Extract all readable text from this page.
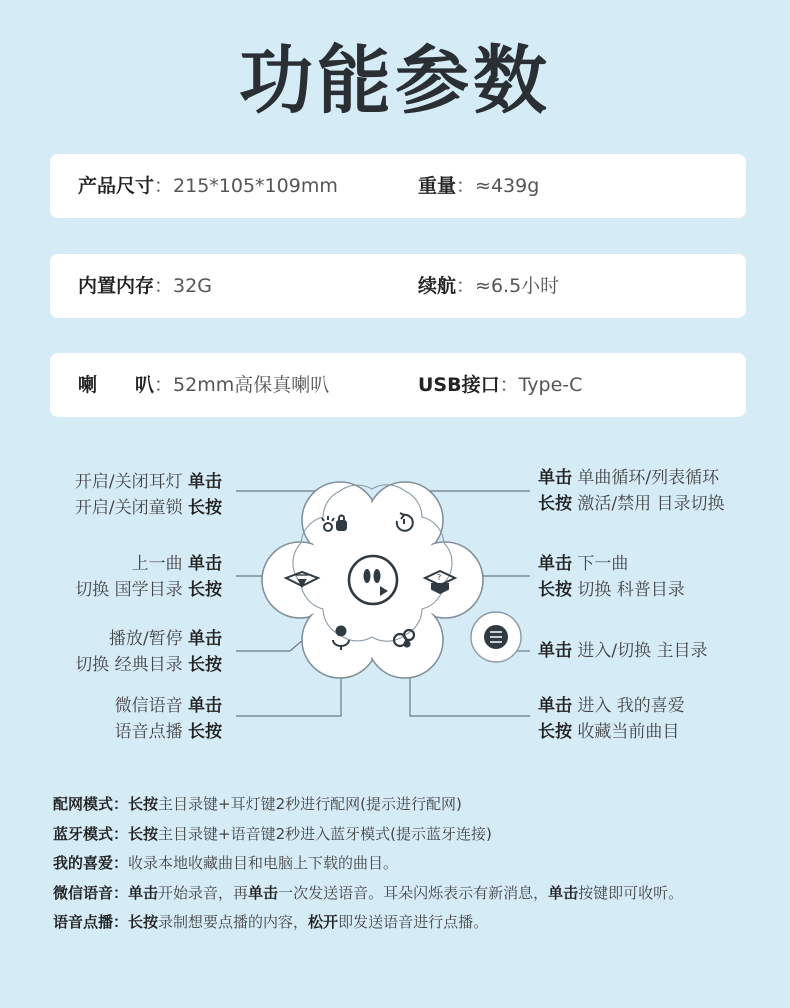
功能参数
产品尺寸：215*105*109mm	重量：≈439g
内置内存：32G	续航：≈6.5小时
喇　　叭：52mm高保真喇叭	USB接口：Type-C
?
开启/关闭耳灯 单击
开启/关闭童锁 长按
上一曲 单击
切换 国学目录 长按
播放/暂停 单击
切换 经典目录 长按
微信语音 单击
语音点播 长按
单击 单曲循环/列表循环
长按 激活/禁用 目录切换
单击 下一曲
长按 切换 科普目录
单击 进入/切换 主目录
单击 进入 我的喜爱
长按 收藏当前曲目
配网模式：长按主目录键+耳灯键2秒进行配网(提示进行配网)
蓝牙模式：长按主目录键+语音键2秒进入蓝牙模式(提示蓝牙连接)
我的喜爱：收录本地收藏曲目和电脑上下载的曲目。
微信语音：单击开始录音，再单击一次发送语音。耳朵闪烁表示有新消息，单击按键即可收听。
语音点播：长按录制想要点播的内容，松开即发送语音进行点播。
